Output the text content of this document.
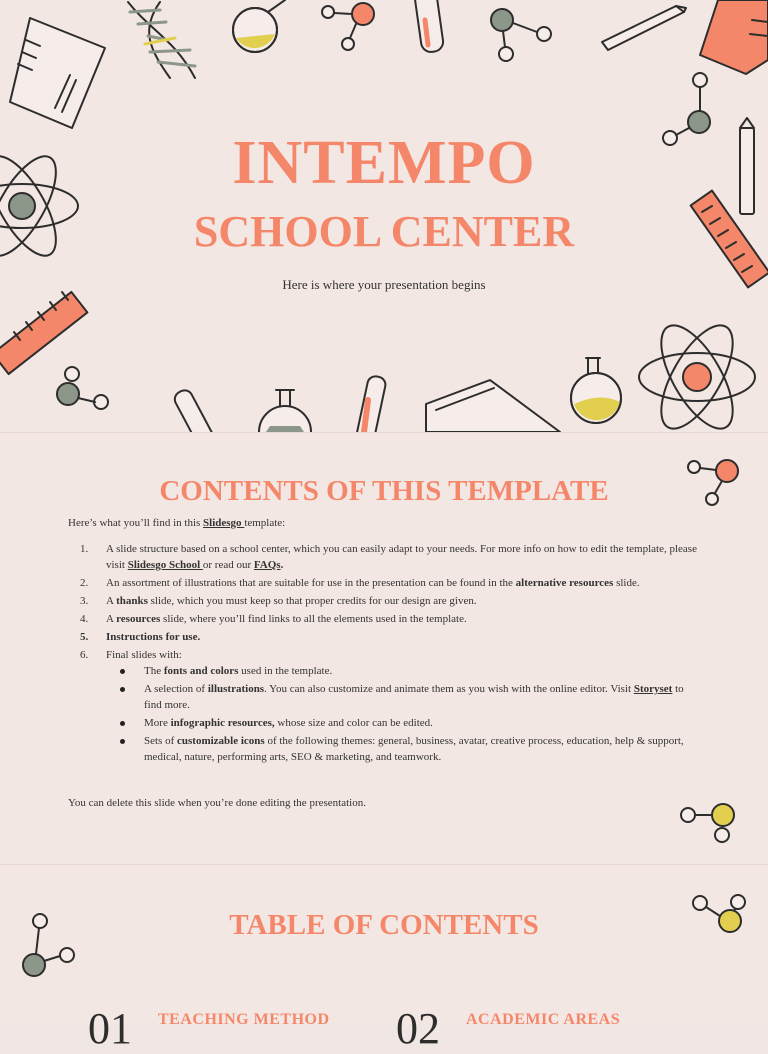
INTEMPO
SCHOOL CENTER
Here is where your presentation begins
CONTENTS OF THIS TEMPLATE
Here’s what you’ll find in this Slidesgo template:
1. A slide structure based on a school center, which you can easily adapt to your needs. For more info on how to edit the template, please visit Slidesgo School or read our FAQs.
2. An assortment of illustrations that are suitable for use in the presentation can be found in the alternative resources slide.
3. A thanks slide, which you must keep so that proper credits for our design are given.
4. A resources slide, where you’ll find links to all the elements used in the template.
5. Instructions for use.
6. Final slides with:
The fonts and colors used in the template.
A selection of illustrations. You can also customize and animate them as you wish with the online editor. Visit Storyset to find more.
More infographic resources, whose size and color can be edited.
Sets of customizable icons of the following themes: general, business, avatar, creative process, education, help & support, medical, nature, performing arts, SEO & marketing, and teamwork.
You can delete this slide when you’re done editing the presentation.
TABLE OF CONTENTS
01 TEACHING METHOD 02 ACADEMIC AREAS
